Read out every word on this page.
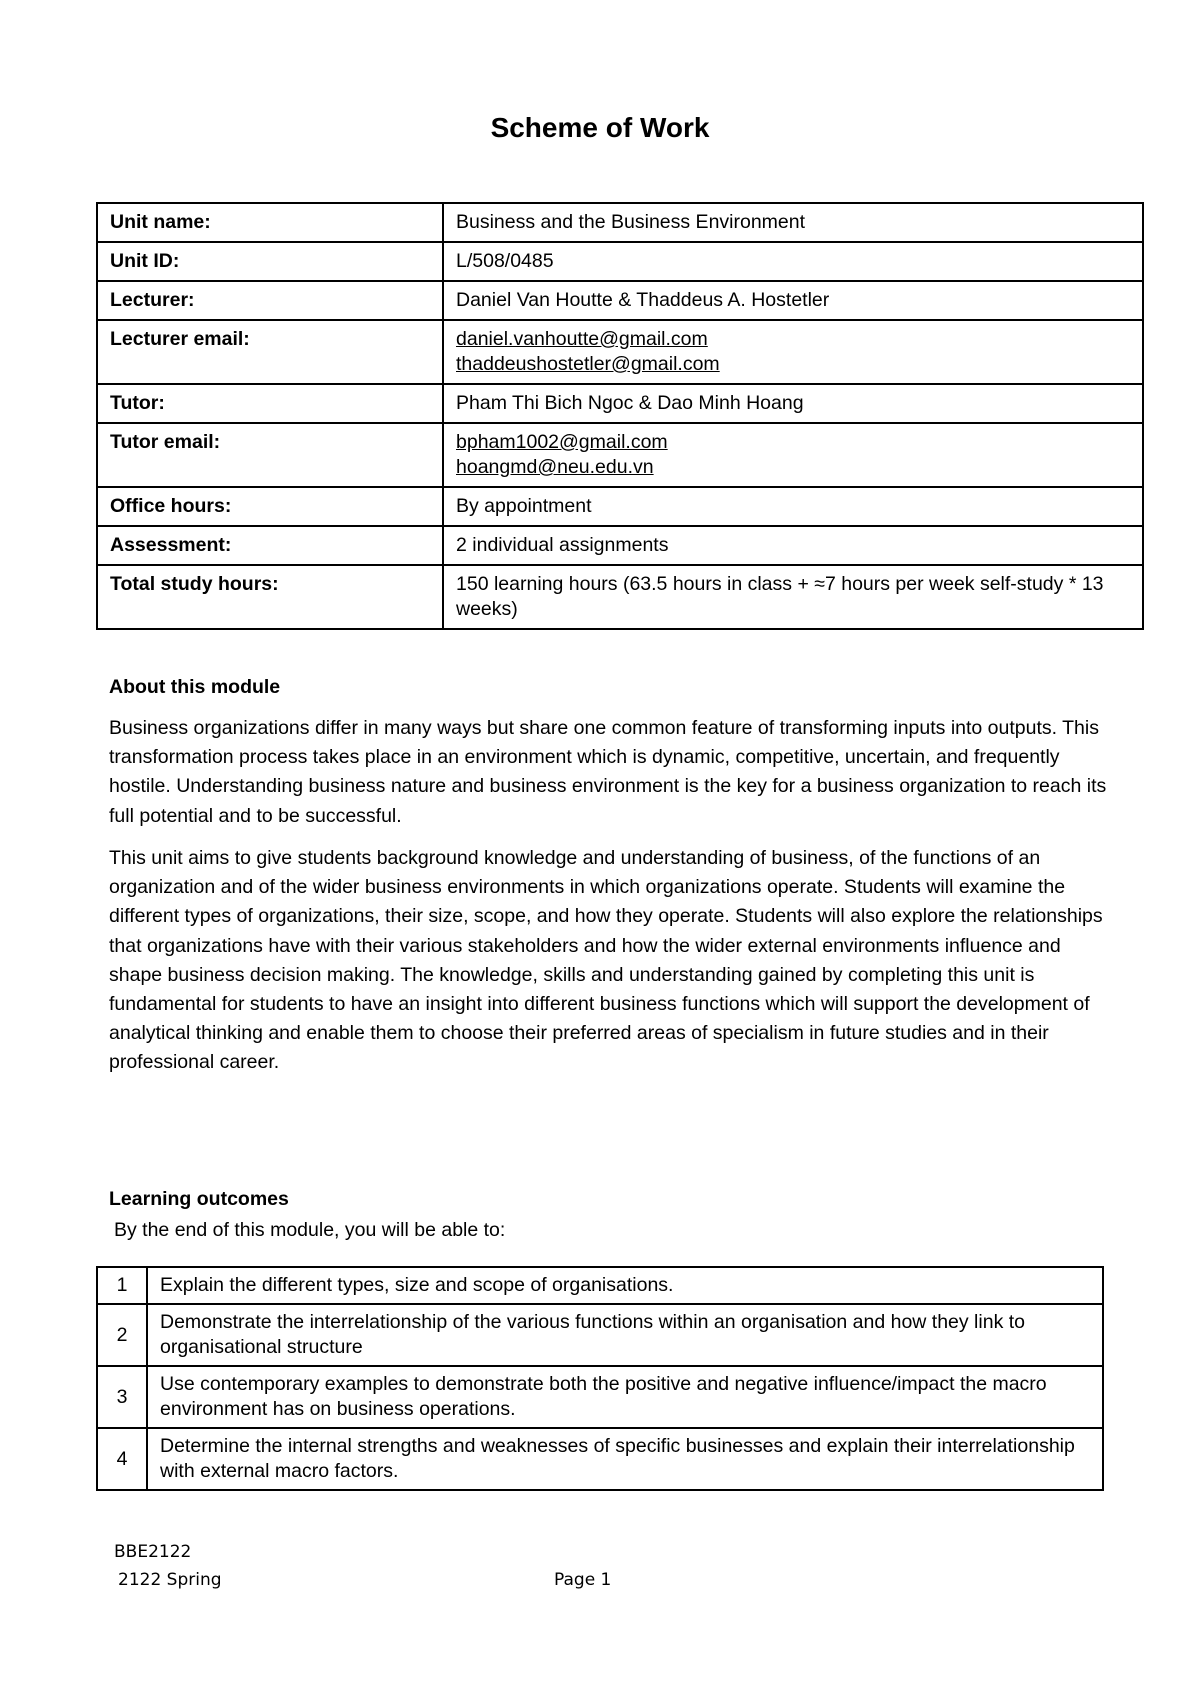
Scheme of Work
Unit name:	Business and the Business Environment
Unit ID:	L/508/0485
Lecturer:	Daniel Van Houtte & Thaddeus A. Hostetler
Lecturer email:	daniel.vanhoutte@gmail.com
thaddeushostetler@gmail.com

Tutor:	Pham Thi Bich Ngoc & Dao Minh Hoang
Tutor email:	bpham1002@gmail.com
hoangmd@neu.edu.vn

Office hours:	By appointment
Assessment:	2 individual assignments
Total study hours:	150 learning hours (63.5 hours in class + ≈7 hours per week self-study * 13 weeks)
About this module

Business organizations differ in many ways but share one common feature of transforming inputs into outputs. This transformation process takes place in an environment which is dynamic, competitive, uncertain, and frequently hostile. Understanding business nature and business environment is the key for a business organization to reach its full potential and to be successful.

This unit aims to give students background knowledge and understanding of business, of the functions of an organization and of the wider business environments in which organizations operate. Students will examine the different types of organizations, their size, scope, and how they operate. Students will also explore the relationships that organizations have with their various stakeholders and how the wider external environments influence and shape business decision making. The knowledge, skills and understanding gained by completing this unit is fundamental for students to have an insight into different business functions which will support the development of analytical thinking and enable them to choose their preferred areas of specialism in future studies and in their professional career.

Learning outcomes

By the end of this module, you will be able to:

1	Explain the different types, size and scope of organisations.
2	Demonstrate the interrelationship of the various functions within an organisation and how they link to organisational structure
3	Use contemporary examples to demonstrate both the positive and negative influence/impact the macro environment has on business operations.
4	Determine the internal strengths and weaknesses of specific businesses and explain their interrelationship with external macro factors.
BBE2122
2122 Spring	Page 1
